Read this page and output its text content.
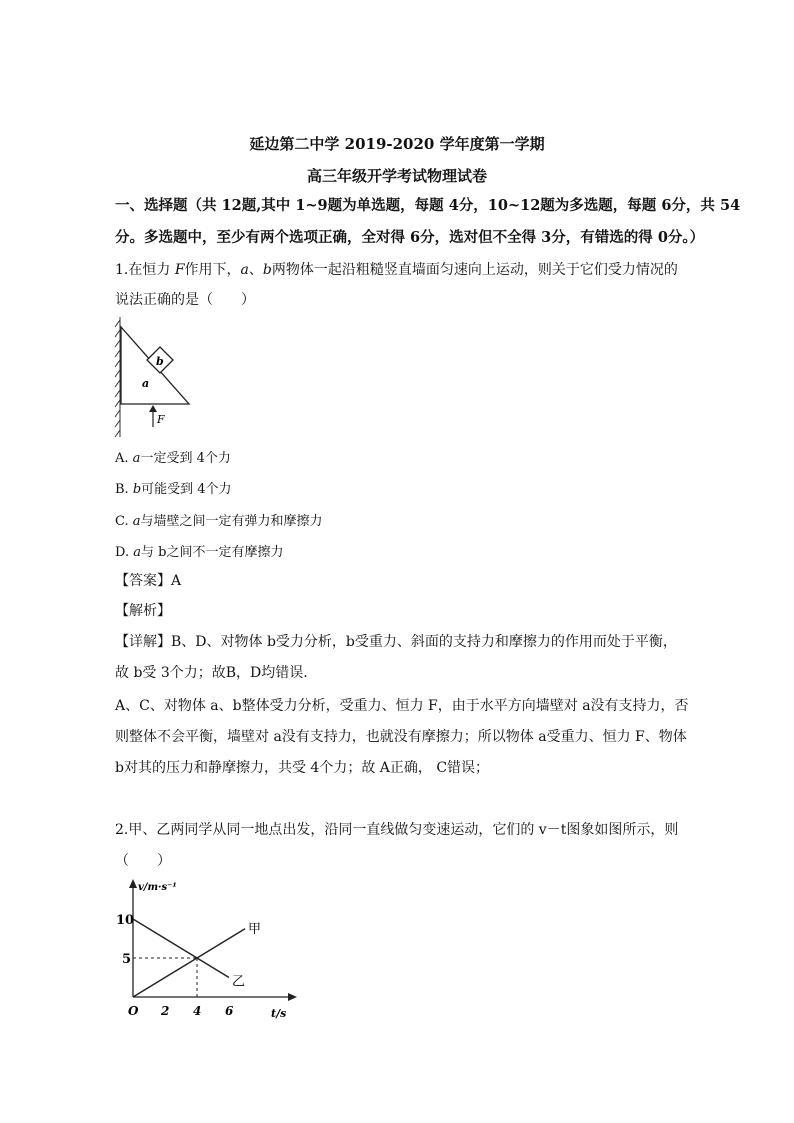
延边第二中学 2019-2020 学年度第一学期
高三年级开学考试物理试卷
一、选择题（共 12题,其中 1~9题为单选题，每题 4分，10~12题为多选题，每题 6分，共 54
分。多选题中，至少有两个选项正确，全对得 6分，选对但不全得 3分，有错选的得 0分。）
1.在恒力 F作用下，a、b两物体一起沿粗糙竖直墙面匀速向上运动，则关于它们受力情况的
说法正确的是（　　）
b
a
F
A. a一定受到 4个力
B. b可能受到 4个力
C. a与墙壁之间一定有弹力和摩擦力
D. a与 b之间不一定有摩擦力
【答案】A
【解析】
【详解】B、D、对物体 b受力分析，b受重力、斜面的支持力和摩擦力的作用而处于平衡，
故 b受 3个力；故B，D均错误.
A、C、对物体 a、b整体受力分析，受重力、恒力 F，由于水平方向墙壁对 a没有支持力，否
则整体不会平衡，墙壁对 a没有支持力，也就没有摩擦力；所以物体 a受重力、恒力 F、物体
b对其的压力和静摩擦力，共受 4个力；故 A正确， C错误；
2.甲、乙两同学从同一地点出发，沿同一直线做匀变速运动，它们的 v－t图象如图所示，则
（　　）
v/m·s⁻¹
t/s
O 2 4 6
5
10
甲
乙
